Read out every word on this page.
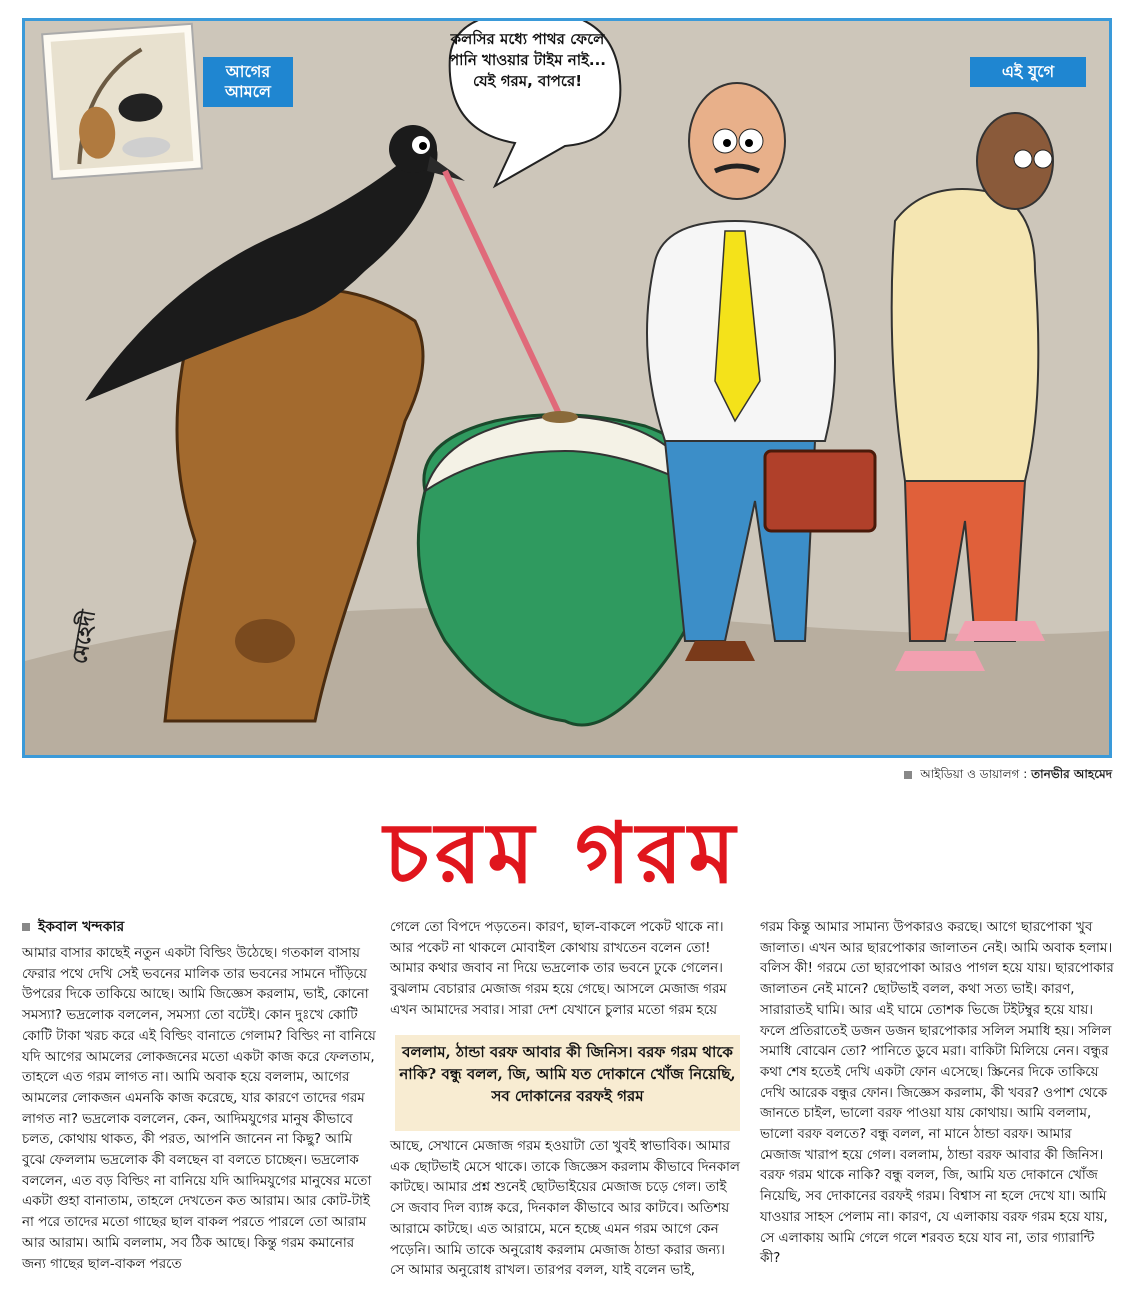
আগের আমলে
এই যুগে
কলসির মধ্যে পাথর ফেলে পানি খাওয়ার টাইম নাই... যেই গরম, বাপরে!
মেহেদী
আইডিয়া ও ডায়ালগ : তানভীর আহমেদ
চরম গরম
ইকবাল খন্দকার

আমার বাসার কাছেই নতুন একটা বিল্ডিং উঠেছে। গতকাল বাসায় ফেরার পথে দেখি সেই ভবনের মালিক তার ভবনের সামনে দাঁড়িয়ে উপরের দিকে তাকিয়ে আছে। আমি জিজ্ঞেস করলাম, ভাই, কোনো সমস্যা? ভদ্রলোক বললেন, সমস্যা তো বটেই। কোন দুঃখে কোটি কোটি টাকা খরচ করে এই বিল্ডিং বানাতে গেলাম? বিল্ডিং না বানিয়ে যদি আগের আমলের লোকজনের মতো একটা কাজ করে ফেলতাম, তাহলে এত গরম লাগত না। আমি অবাক হয়ে বললাম, আগের আমলের লোকজন এমনকি কাজ করেছে, যার কারণে তাদের গরম লাগত না? ভদ্রলোক বললেন, কেন, আদিমযুগের মানুষ কীভাবে চলত, কোথায় থাকত, কী পরত, আপনি জানেন না কিছু? আমি বুঝে ফেললাম ভদ্রলোক কী বলছেন বা বলতে চাচ্ছেন। ভদ্রলোক বললেন, এত বড় বিল্ডিং না বানিয়ে যদি আদিমযুগের মানুষের মতো একটা গুহা বানাতাম, তাহলে দেখতেন কত আরাম। আর কোট-টাই না পরে তাদের মতো গাছের ছাল বাকল পরতে পারলে তো আরাম আর আরাম। আমি বললাম, সব ঠিক আছে। কিন্তু গরম কমানোর জন্য গাছের ছাল-বাকল পরতে

গেলে তো বিপদে পড়তেন। কারণ, ছাল-বাকলে পকেট থাকে না। আর পকেট না থাকলে মোবাইল কোথায় রাখতেন বলেন তো! আমার কথার জবাব না দিয়ে ভদ্রলোক তার ভবনে ঢুকে গেলেন। বুঝলাম বেচারার মেজাজ গরম হয়ে গেছে। আসলে মেজাজ গরম এখন আমাদের সবার। সারা দেশ যেখানে চুলার মতো গরম হয়ে

বললাম, ঠান্ডা বরফ আবার কী জিনিস। বরফ গরম থাকে নাকি? বন্ধু বলল, জি, আমি যত দোকানে খোঁজ নিয়েছি, সব দোকানের বরফই গরম

আছে, সেখানে মেজাজ গরম হওয়াটা তো খুবই স্বাভাবিক। আমার এক ছোটভাই মেসে থাকে। তাকে জিজ্ঞেস করলাম কীভাবে দিনকাল কাটছে। আমার প্রশ্ন শুনেই ছোটভাইয়ের মেজাজ চড়ে গেল। তাই সে জবাব দিল ব্যাঙ্গ করে, দিনকাল কীভাবে আর কাটবে। অতিশয় আরামে কাটছে। এত আরামে, মনে হচ্ছে এমন গরম আগে কেন পড়েনি। আমি তাকে অনুরোধ করলাম মেজাজ ঠান্ডা করার জন্য। সে আমার অনুরোধ রাখল। তারপর বলল, যাই বলেন ভাই,

গরম কিন্তু আমার সামান্য উপকারও করছে। আগে ছারপোকা খুব জালাত। এখন আর ছারপোকার জালাতন নেই। আমি অবাক হলাম। বলিস কী! গরমে তো ছারপোকা আরও পাগল হয়ে যায়। ছারপোকার জালাতন নেই মানে? ছোটভাই বলল, কথা সত্য ভাই। কারণ, সারারাতই ঘামি। আর এই ঘামে তোশক ভিজে টইটম্বুর হয়ে যায়। ফলে প্রতিরাতেই ডজন ডজন ছারপোকার সলিল সমাধি হয়। সলিল সমাধি বোঝেন তো? পানিতে ডুবে মরা। বাকিটা মিলিয়ে নেন। বন্ধুর কথা শেষ হতেই দেখি একটা ফোন এসেছে। স্ক্রিনের দিকে তাকিয়ে দেখি আরেক বন্ধুর ফোন। জিজ্ঞেস করলাম, কী খবর? ওপাশ থেকে জানতে চাইল, ভালো বরফ পাওয়া যায় কোথায়। আমি বললাম, ভালো বরফ বলতে? বন্ধু বলল, না মানে ঠান্ডা বরফ। আমার মেজাজ খারাপ হয়ে গেল। বললাম, ঠান্ডা বরফ আবার কী জিনিস। বরফ গরম থাকে নাকি? বন্ধু বলল, জি, আমি যত দোকানে খোঁজ নিয়েছি, সব দোকানের বরফই গরম। বিশ্বাস না হলে দেখে যা। আমি যাওয়ার সাহস পেলাম না। কারণ, যে এলাকায় বরফ গরম হয়ে যায়, সে এলাকায় আমি গেলে গলে শরবত হয়ে যাব না, তার গ্যারান্টি কী?
